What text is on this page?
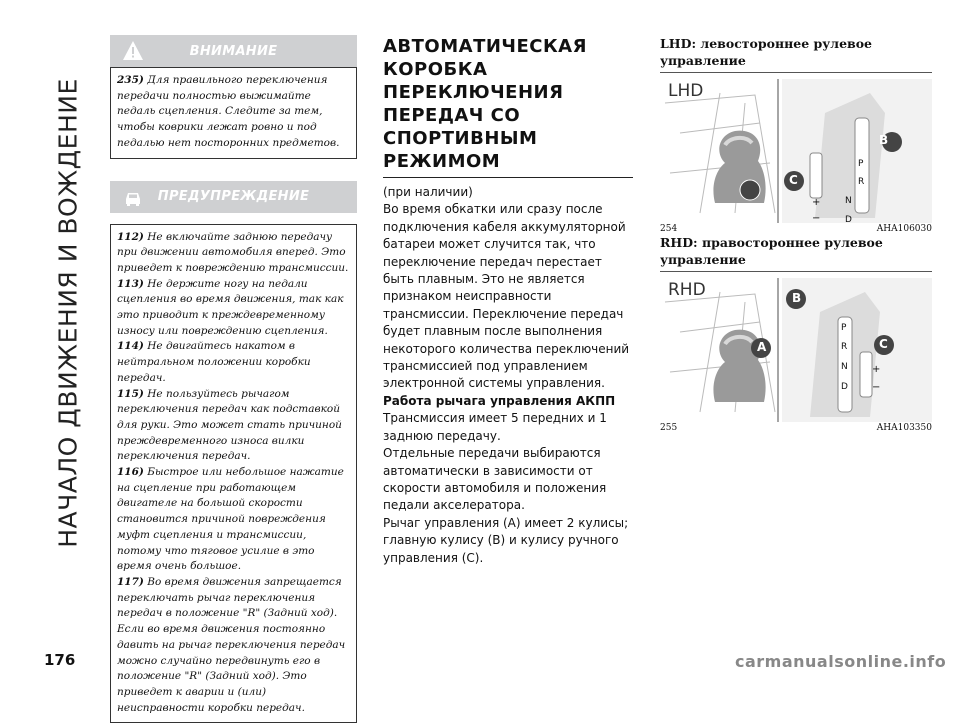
НАЧАЛО ДВИЖЕНИЯ И ВОЖДЕНИЕ
ВНИМАНИЕ
235) Для правильного переключения передачи полностью выжимайте педаль сцепления. Следите за тем, чтобы коврики лежат ровно и под педалью нет посторонних предметов.
ПРЕДУПРЕЖДЕНИЕ
112) Не включайте заднюю передачу при движении автомобиля вперед. Это приведет к повреждению трансмиссии.
113) Не держите ногу на педали сцепления во время движения, так как это приводит к преждевременному износу или повреждению сцепления.
114) Не двигайтесь накатом в нейтральном положении коробки передач.
115) Не пользуйтесь рычагом переключения передач как подставкой для руки. Это может стать причиной преждевременного износа вилки переключения передач.
116) Быстрое или небольшое нажатие на сцепление при работающем двигателе на большой скорости становится причиной повреждения муфт сцепления и трансмиссии, потому что тяговое усилие в это время очень большое.
117) Во время движения запрещается переключать рычаг переключения передач в положение "R" (Задний ход). Если во время движения постоянно давить на рычаг переключения передач можно случайно передвинуть его в положение "R" (Задний ход). Это приведет к аварии и (или) неисправности коробки передач.
АВТОМАТИЧЕСКАЯ КОРОБКА ПЕРЕКЛЮЧЕНИЯ ПЕРЕДАЧ СО СПОРТИВНЫМ РЕЖИМОМ
(при наличии)
Во время обкатки или сразу после подключения кабеля аккумуляторной батареи может случится так, что переключение передач перестает быть плавным. Это не является признаком неисправности трансмиссии. Переключение передач будет плавным после выполнения некоторого количества переключений трансмиссией под управлением электронной системы управления.
Работа рычага управления АКПП
Трансмиссия имеет 5 передних и 1 заднюю передачу.
Отдельные передачи выбираются автоматически в зависимости от скорости автомобиля и положения педали акселератора.
Рычаг управления (A) имеет 2 кулисы; главную кулису (B) и кулису ручного управления (C).
LHD: левостороннее рулевое управление
LHD
A
B
C
P
R
N
D
+
−
254	AHA106030
RHD: правостороннее рулевое управление
RHD
A
B
C
P
R
N
D
+
−
255	AHA103350
176	carmanualsonline.info
